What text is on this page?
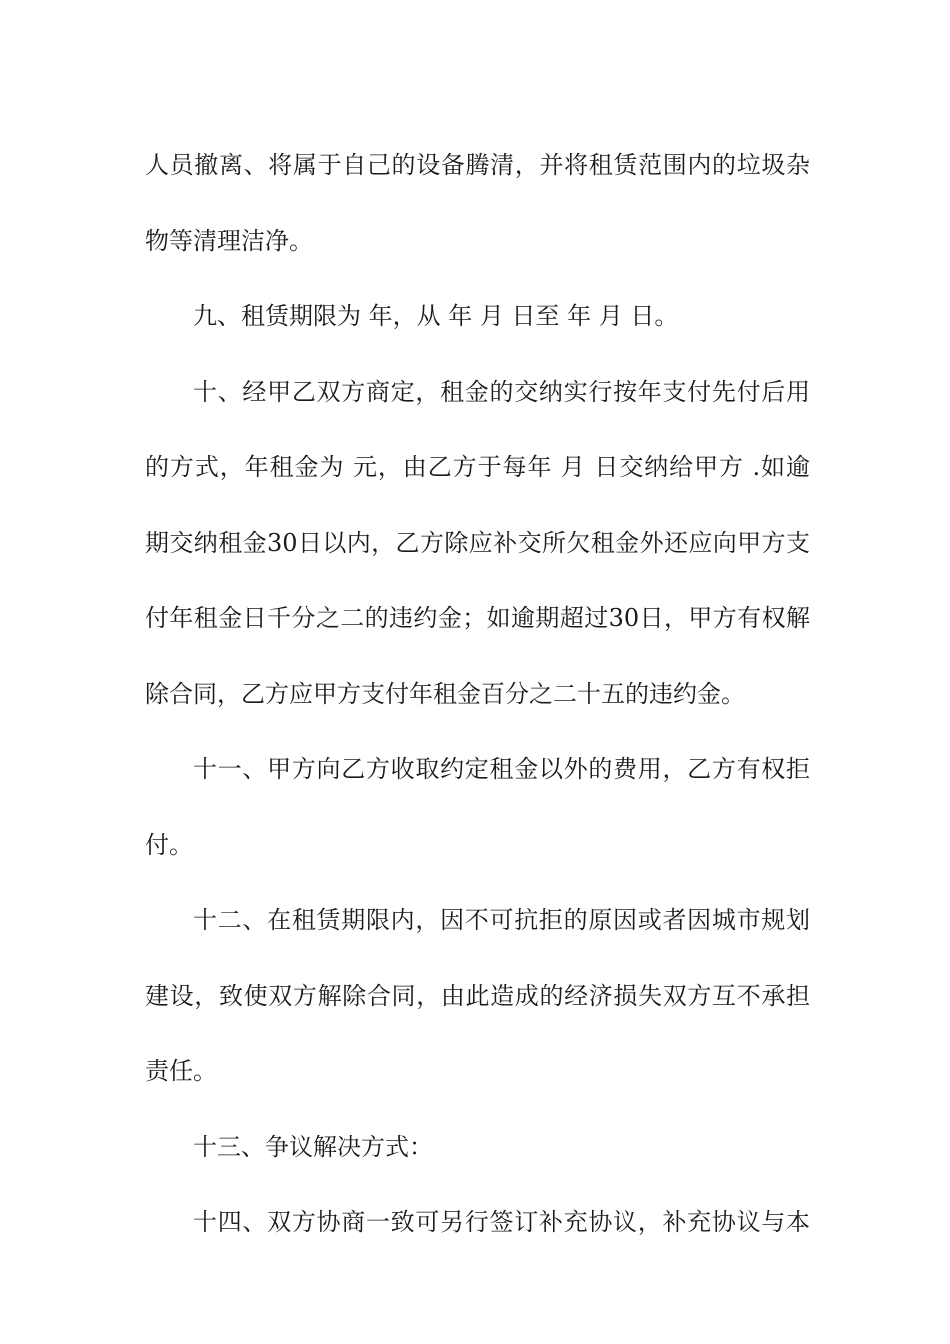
人员撤离、将属于自己的设备腾清，并将租赁范围内的垃圾杂
物等清理洁净。
九、租赁期限为 年，从 年 月 日至 年 月 日。
十、经甲乙双方商定，租金的交纳实行按年支付先付后用
的方式，年租金为 元，由乙方于每年 月 日交纳给甲方 .如逾
期交纳租金30日以内，乙方除应补交所欠租金外还应向甲方支
付年租金日千分之二的违约金；如逾期超过30日，甲方有权解
除合同，乙方应甲方支付年租金百分之二十五的违约金。
十一、甲方向乙方收取约定租金以外的费用，乙方有权拒
付。
十二、在租赁期限内，因不可抗拒的原因或者因城市规划
建设，致使双方解除合同，由此造成的经济损失双方互不承担
责任。
十三、争议解决方式：
十四、双方协商一致可另行签订补充协议，补充协议与本
